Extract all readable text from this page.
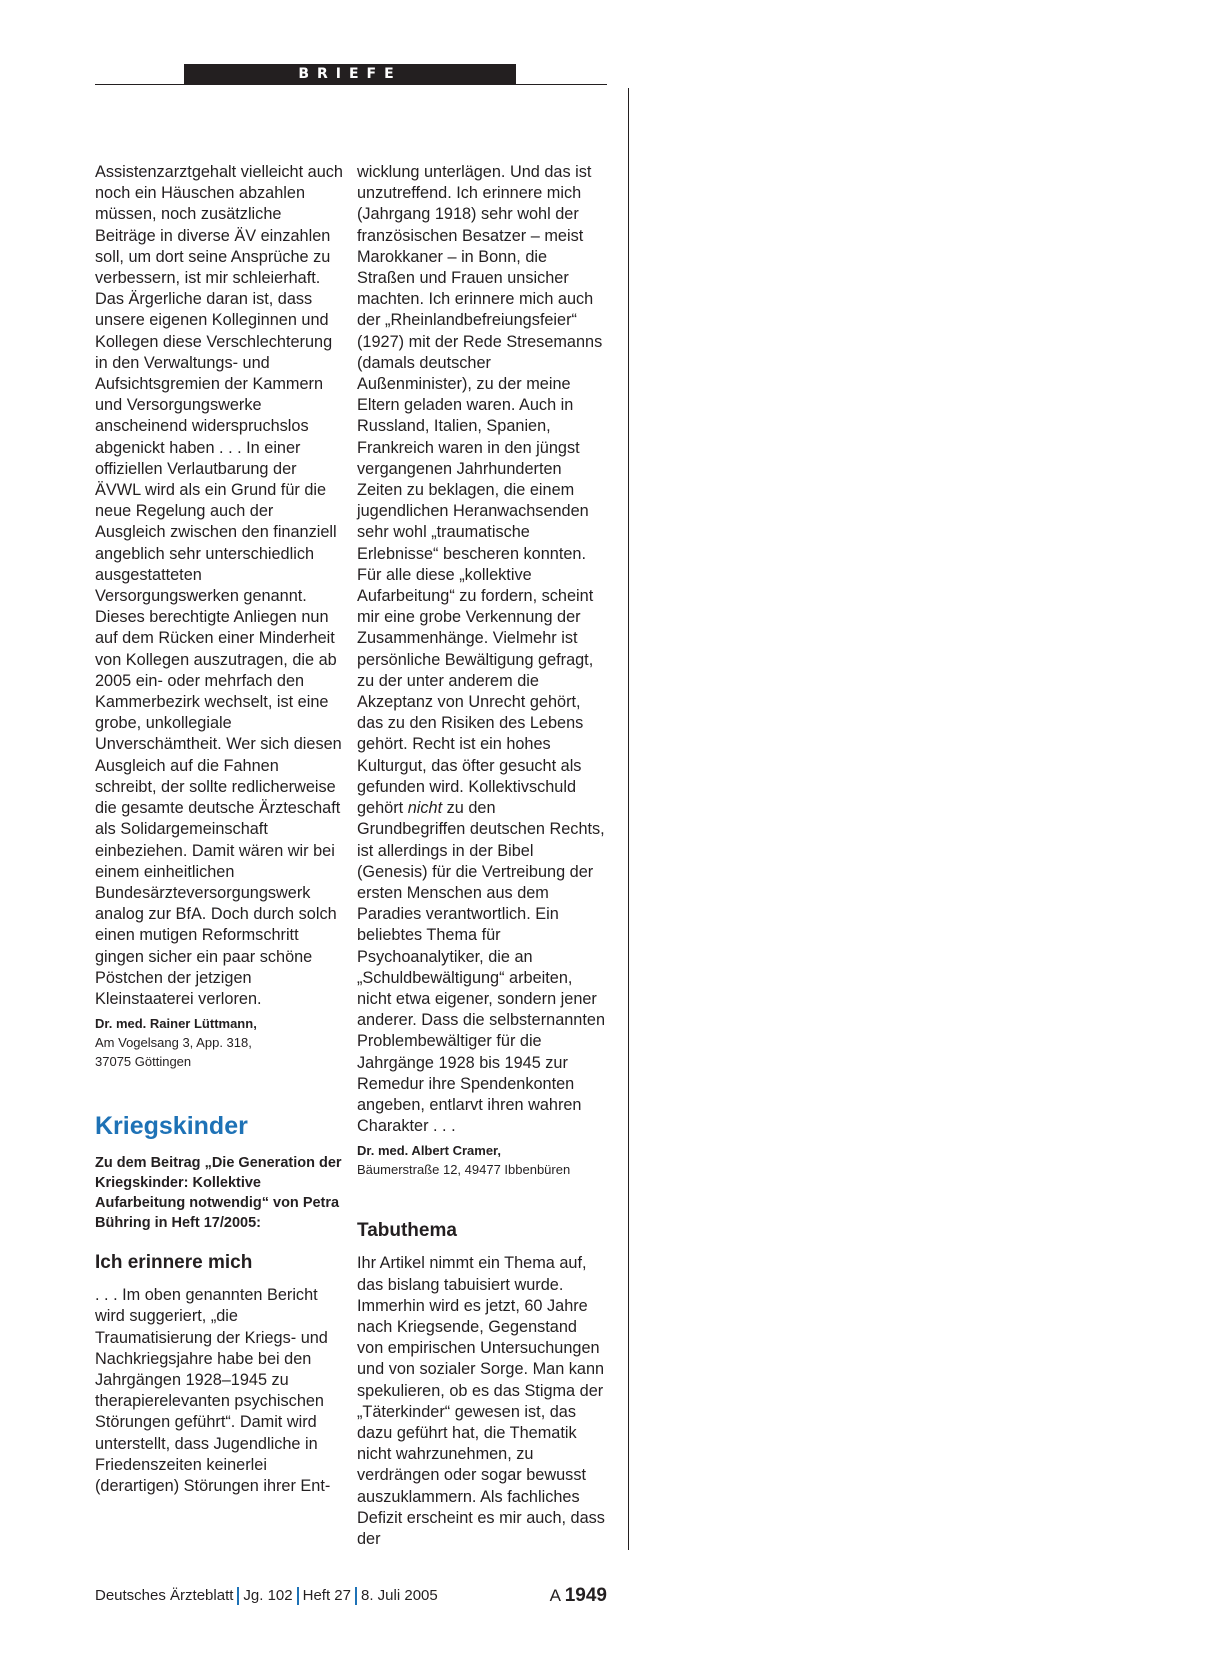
BRIEFE

Assistenzarztgehalt vielleicht auch noch ein Häuschen abzahlen müssen, noch zusätzliche Beiträge in diverse ÄV einzahlen soll, um dort seine Ansprüche zu verbessern, ist mir schleierhaft. Das Ärgerliche daran ist, dass unsere eigenen Kolleginnen und Kollegen diese Verschlechterung in den Verwaltungs- und Aufsichtsgremien der Kammern und Versorgungswerke anscheinend widerspruchslos abgenickt haben . . . In einer offiziellen Verlautbarung der ÄVWL wird als ein Grund für die neue Regelung auch der Ausgleich zwischen den finanziell angeblich sehr unterschiedlich ausgestatteten Versorgungswerken genannt. Dieses berechtigte Anliegen nun auf dem Rücken einer Minderheit von Kollegen auszutragen, die ab 2005 ein- oder mehrfach den Kammerbezirk wechselt, ist eine grobe, unkollegiale Unverschämtheit. Wer sich diesen Ausgleich auf die Fahnen schreibt, der sollte redlicherweise die gesamte deutsche Ärzteschaft als Solidargemeinschaft einbeziehen. Damit wären wir bei einem einheitlichen Bundesärzteversorgungswerk analog zur BfA. Doch durch solch einen mutigen Reformschritt gingen sicher ein paar schöne Pöstchen der jetzigen Kleinstaaterei verloren.

Dr. med. Rainer Lüttmann,
Am Vogelsang 3, App. 318,
37075 Göttingen
Kriegskinder
Zu dem Beitrag „Die Generation der Kriegskinder: Kollektive Aufarbeitung notwendig“ von Petra Bühring in Heft 17/2005:
Ich erinnere mich

. . . Im oben genannten Bericht wird suggeriert, „die Traumatisierung der Kriegs- und Nachkriegsjahre habe bei den Jahrgängen 1928–1945 zu therapierelevanten psychischen Störungen geführt“. Damit wird unterstellt, dass Jugendliche in Friedenszeiten keinerlei (derartigen) Störungen ihrer Ent-

wicklung unterlägen. Und das ist unzutreffend. Ich erinnere mich (Jahrgang 1918) sehr wohl der französischen Besatzer – meist Marokkaner – in Bonn, die Straßen und Frauen unsicher machten. Ich erinnere mich auch der „Rheinlandbefreiungsfeier“ (1927) mit der Rede Stresemanns (damals deutscher Außenminister), zu der meine Eltern geladen waren. Auch in Russland, Italien, Spanien, Frankreich waren in den jüngst vergangenen Jahrhunderten Zeiten zu beklagen, die einem jugendlichen Heranwachsenden sehr wohl „traumatische Erlebnisse“ bescheren konnten. Für alle diese „kollektive Aufarbeitung“ zu fordern, scheint mir eine grobe Verkennung der Zusammenhänge. Vielmehr ist persönliche Bewältigung gefragt, zu der unter anderem die Akzeptanz von Unrecht gehört, das zu den Risiken des Lebens gehört. Recht ist ein hohes Kulturgut, das öfter gesucht als gefunden wird. Kollektivschuld gehört nicht zu den Grundbegriffen deutschen Rechts, ist allerdings in der Bibel (Genesis) für die Vertreibung der ersten Menschen aus dem Paradies verantwortlich. Ein beliebtes Thema für Psychoanalytiker, die an „Schuldbewältigung“ arbeiten, nicht etwa eigener, sondern jener anderer. Dass die selbsternannten Problembewältiger für die Jahrgänge 1928 bis 1945 zur Remedur ihre Spendenkonten angeben, entlarvt ihren wahren Charakter . . .

Dr. med. Albert Cramer,
Bäumerstraße 12, 49477 Ibbenbüren
Tabuthema

Ihr Artikel nimmt ein Thema auf, das bislang tabuisiert wurde. Immerhin wird es jetzt, 60 Jahre nach Kriegsende, Gegenstand von empirischen Untersuchungen und von sozialer Sorge. Man kann spekulieren, ob es das Stigma der „Täterkinder“ gewesen ist, das dazu geführt hat, die Thematik nicht wahrzunehmen, zu verdrängen oder sogar bewusst auszuklammern. Als fachliches Defizit erscheint es mir auch, dass der

Deutsches Ärzteblatt Jg. 102 Heft 27 8. Juli 2005	A 1949
